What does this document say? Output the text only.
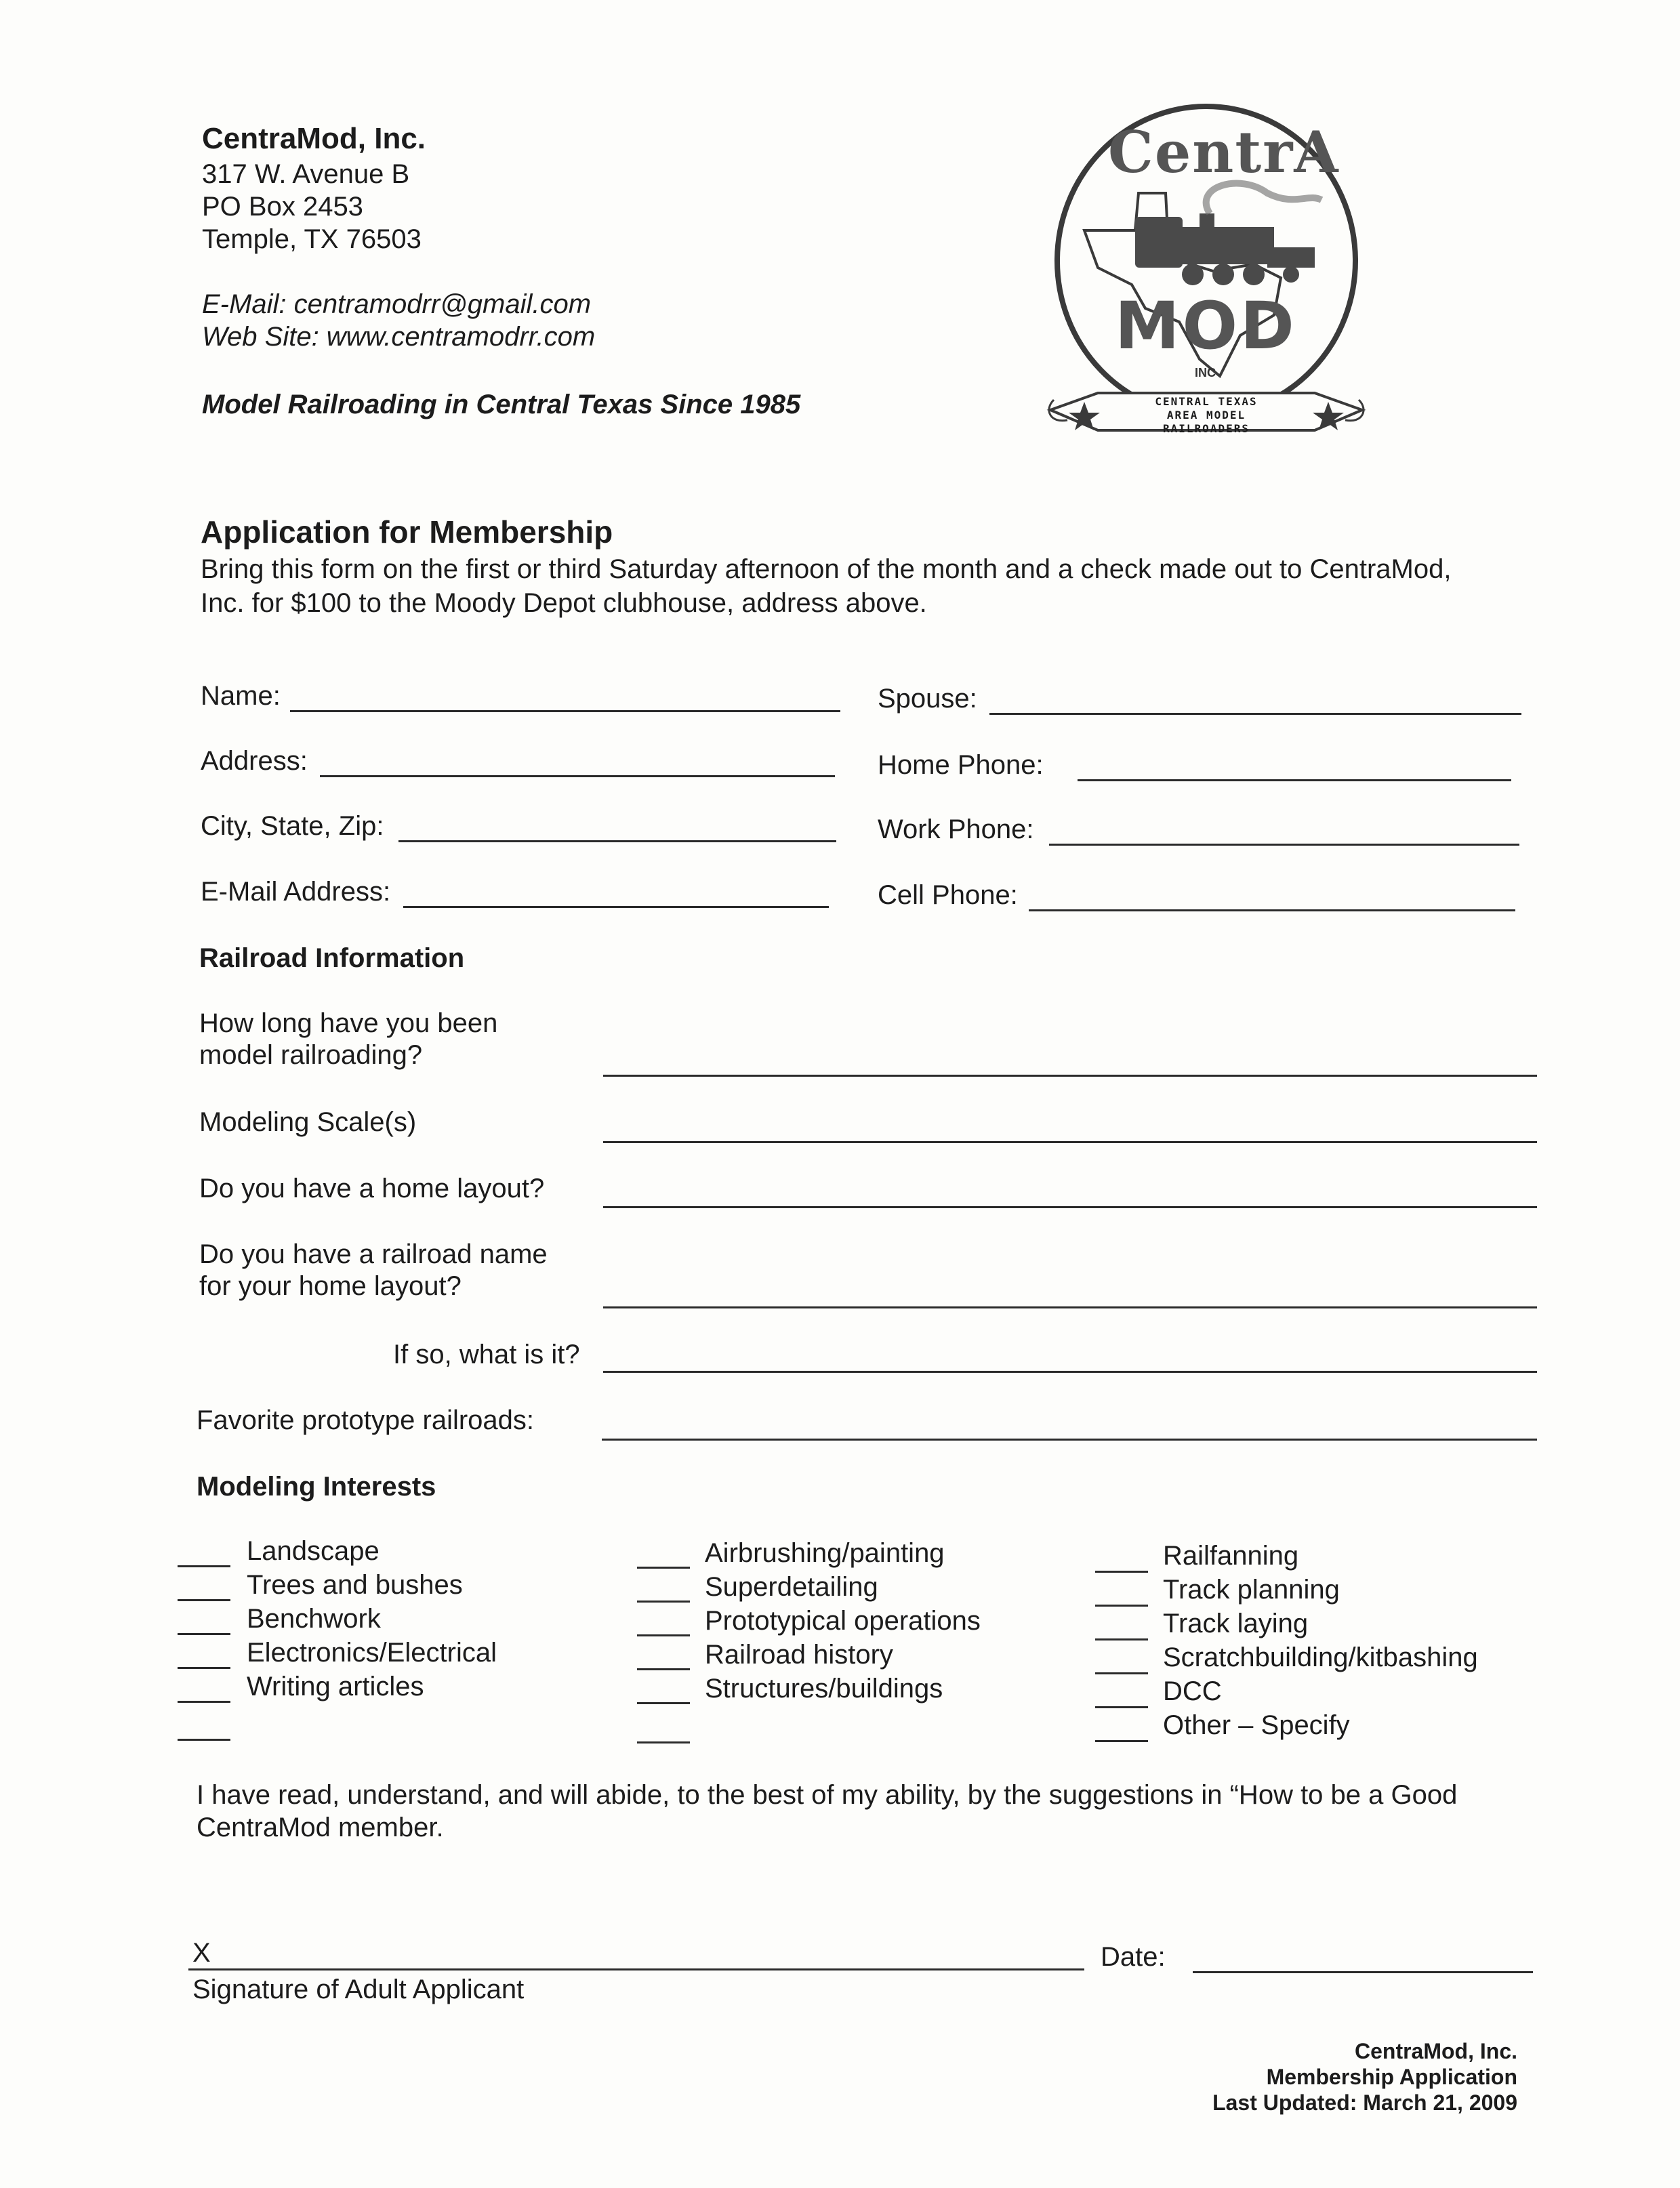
CentraMod, Inc.
317 W. Avenue B
PO Box 2453
Temple, TX 76503
E-Mail: centramodrr@gmail.com
Web Site: www.centramodrr.com
Model Railroading in Central Texas Since 1985
CentrA
MOD
INC
CENTRAL TEXAS
AREA MODEL
RAILROADERS
Application for Membership
Bring this form on the first or third Saturday afternoon of the month and a check made out to CentraMod,
Inc. for $100 to the Moody Depot clubhouse, address above.
Name:
Address:
City, State, Zip:
E-Mail Address:
Spouse:
Home Phone:
Work Phone:
Cell Phone:
Railroad Information
How long have you been
model railroading?
Modeling Scale(s)
Do you have a home layout?
Do you have a railroad name
for your home layout?
If so, what is it?
Favorite prototype railroads:
Modeling Interests
Landscape
Trees and bushes
Benchwork
Electronics/Electrical
Writing articles
Airbrushing/painting
Superdetailing
Prototypical operations
Railroad history
Structures/buildings
Railfanning
Track planning
Track laying
Scratchbuilding/kitbashing
DCC
Other – Specify
I have read, understand, and will abide, to the best of my ability, by the suggestions in “How to be a Good
CentraMod member.
X
Signature of Adult Applicant
Date:
CentraMod, Inc.
Membership Application
Last Updated: March 21, 2009
